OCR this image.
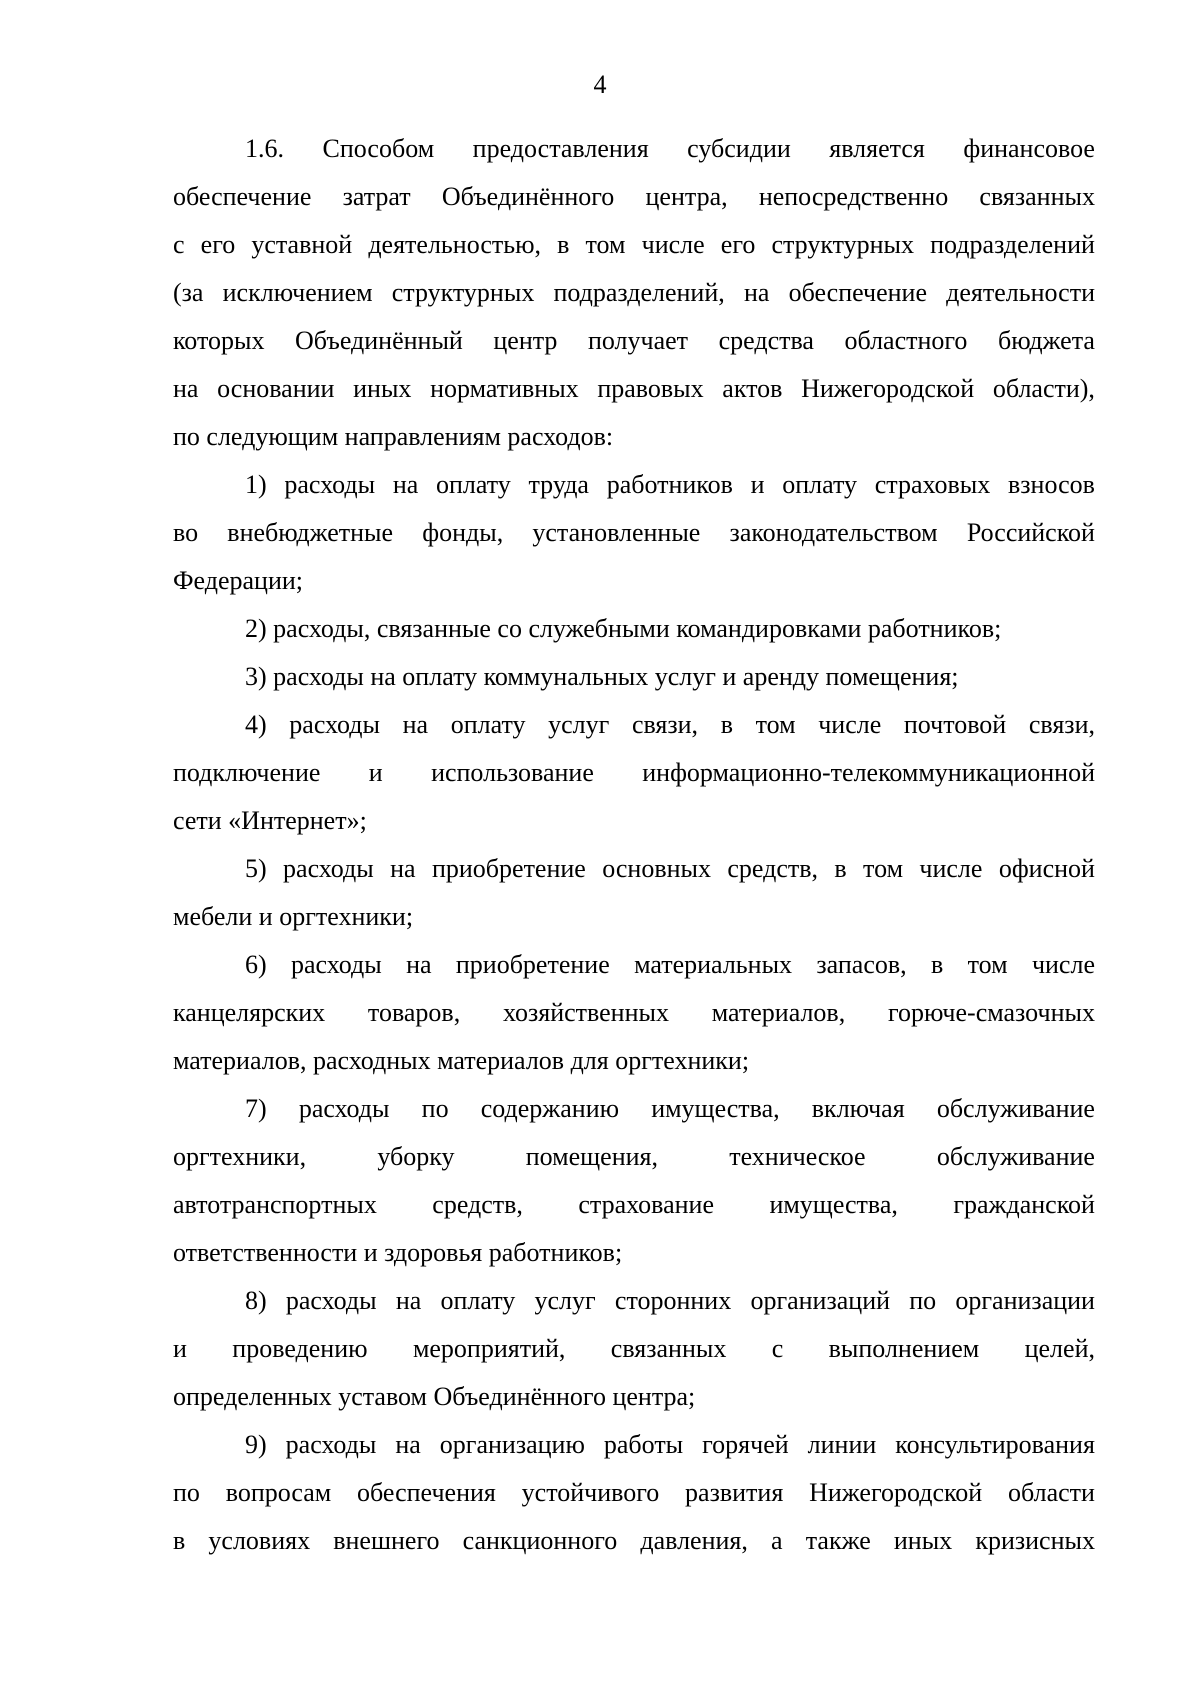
4
1.6. Способом предоставления субсидии является финансовое
обеспечение затрат Объединённого центра, непосредственно связанных
с его уставной деятельностью, в том числе его структурных подразделений
(за исключением структурных подразделений, на обеспечение деятельности
которых Объединённый центр получает средства областного бюджета
на основании иных нормативных правовых актов Нижегородской области),
по следующим направлениям расходов:
1) расходы на оплату труда работников и оплату страховых взносов
во внебюджетные фонды, установленные законодательством Российской
Федерации;
2) расходы, связанные со служебными командировками работников;
3) расходы на оплату коммунальных услуг и аренду помещения;
4) расходы на оплату услуг связи, в том числе почтовой связи,
подключение и использование информационно-телекоммуникационной
сети «Интернет»;
5) расходы на приобретение основных средств, в том числе офисной
мебели и оргтехники;
6) расходы на приобретение материальных запасов, в том числе
канцелярских товаров, хозяйственных материалов, горюче-смазочных
материалов, расходных материалов для оргтехники;
7) расходы по содержанию имущества, включая обслуживание
оргтехники,	уборку	помещения,	техническое	обслуживание
автотранспортных средств, страхование имущества, гражданской
ответственности и здоровья работников;
8) расходы на оплату услуг сторонних организаций по организации
и проведению мероприятий, связанных с выполнением целей,
определенных уставом Объединённого центра;
9) расходы на организацию работы горячей линии консультирования
по вопросам обеспечения устойчивого развития Нижегородской области
в условиях внешнего санкционного давления, а также иных кризисных
